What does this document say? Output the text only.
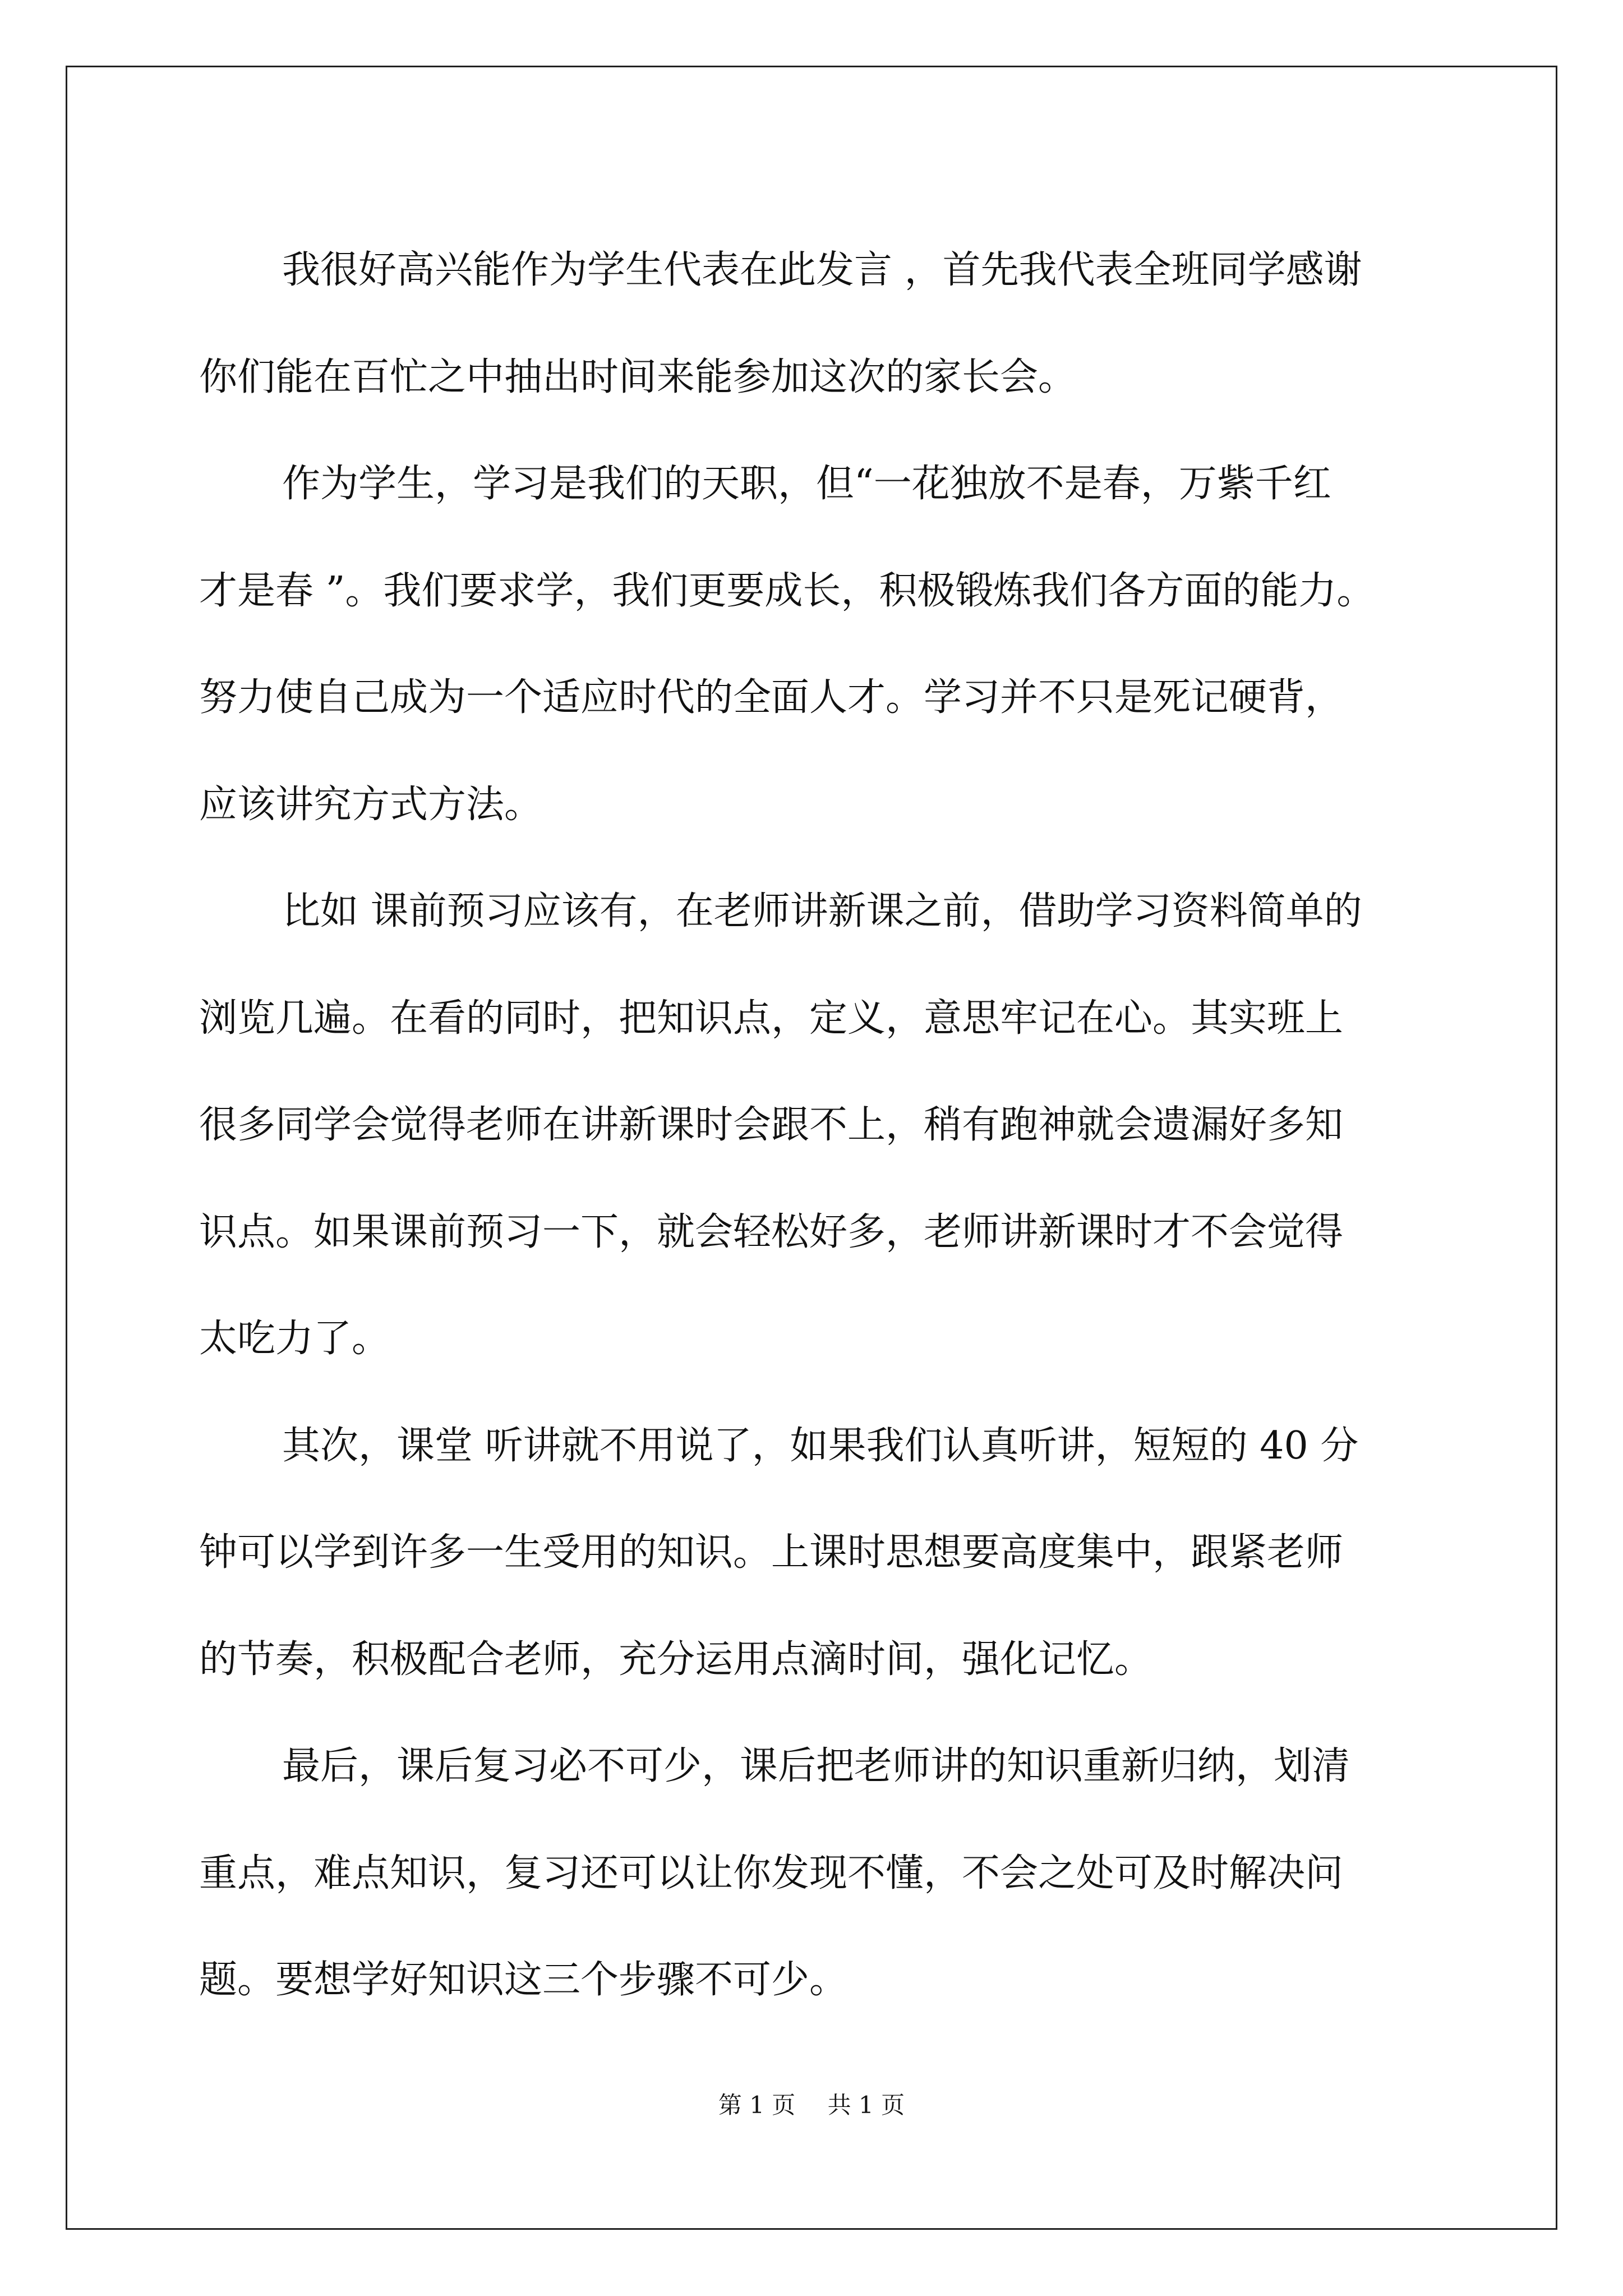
我很好高兴能作为学生代表在此发言 ，首先我代表全班同学感谢

你们能在百忙之中抽出时间来能参加这次的家长会。

作为学生，学习是我们的天职，但“一花独放不是春，万紫千红

才是春 ”。我们要求学，我们更要成长，积极锻炼我们各方面的能力。

努力使自己成为一个适应时代的全面人才。学习并不只是死记硬背，

应该讲究方式方法。

比如 课前预习应该有，在老师讲新课之前，借助学习资料简单的

浏览几遍。在看的同时，把知识点，定义，意思牢记在心。其实班上

很多同学会觉得老师在讲新课时会跟不上，稍有跑神就会遗漏好多知

识点。如果课前预习一下，就会轻松好多，老师讲新课时才不会觉得

太吃力了。

其次，课堂 听讲就不用说了，如果我们认真听讲，短短的 40 分

钟可以学到许多一生受用的知识。上课时思想要高度集中，跟紧老师

的节奏，积极配合老师，充分运用点滴时间，强化记忆。

最后，课后复习必不可少，课后把老师讲的知识重新归纳，划清

重点，难点知识，复习还可以让你发现不懂，不会之处可及时解决问

题。要想学好知识这三个步骤不可少。

第 1 页 共 1 页
